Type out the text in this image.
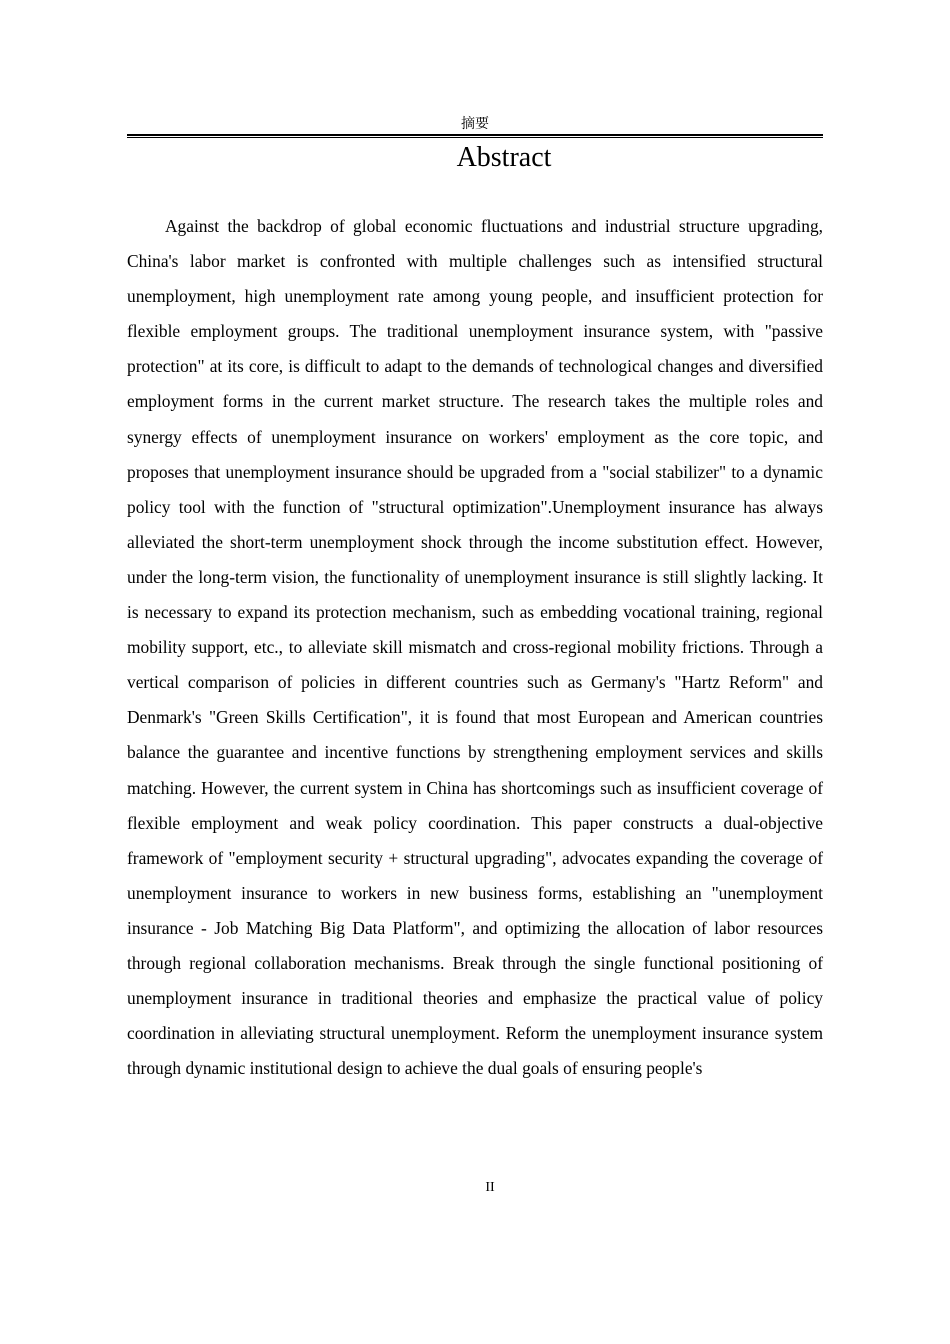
摘要
Abstract

Against the backdrop of global economic fluctuations and industrial structure upgrading, China's labor market is confronted with multiple challenges such as intensified structural unemployment, high unemployment rate among young people, and insufficient protection for flexible employment groups. The traditional unemployment insurance system, with "passive protection" at its core, is difficult to adapt to the demands of technological changes and diversified employment forms in the current market structure. The research takes the multiple roles and synergy effects of unemployment insurance on workers' employment as the core topic, and proposes that unemployment insurance should be upgraded from a "social stabilizer" to a dynamic policy tool with the function of "structural optimization".Unemployment insurance has always alleviated the short-term unemployment shock through the income substitution effect. However, under the long-term vision, the functionality of unemployment insurance is still slightly lacking. It is necessary to expand its protection mechanism, such as embedding vocational training, regional mobility support, etc., to alleviate skill mismatch and cross-regional mobility frictions. Through a vertical comparison of policies in different countries such as Germany's "Hartz Reform" and Denmark's "Green Skills Certification", it is found that most European and American countries balance the guarantee and incentive functions by strengthening employment services and skills matching. However, the current system in China has shortcomings such as insufficient coverage of flexible employment and weak policy coordination. This paper constructs a dual-objective framework of "employment security + structural upgrading", advocates expanding the coverage of unemployment insurance to workers in new business forms, establishing an "unemployment insurance - Job Matching Big Data Platform", and optimizing the allocation of labor resources through regional collaboration mechanisms. Break through the single functional positioning of unemployment insurance in traditional theories and emphasize the practical value of policy coordination in alleviating structural unemployment. Reform the unemployment insurance system through dynamic institutional design to achieve the dual goals of ensuring people's

II
